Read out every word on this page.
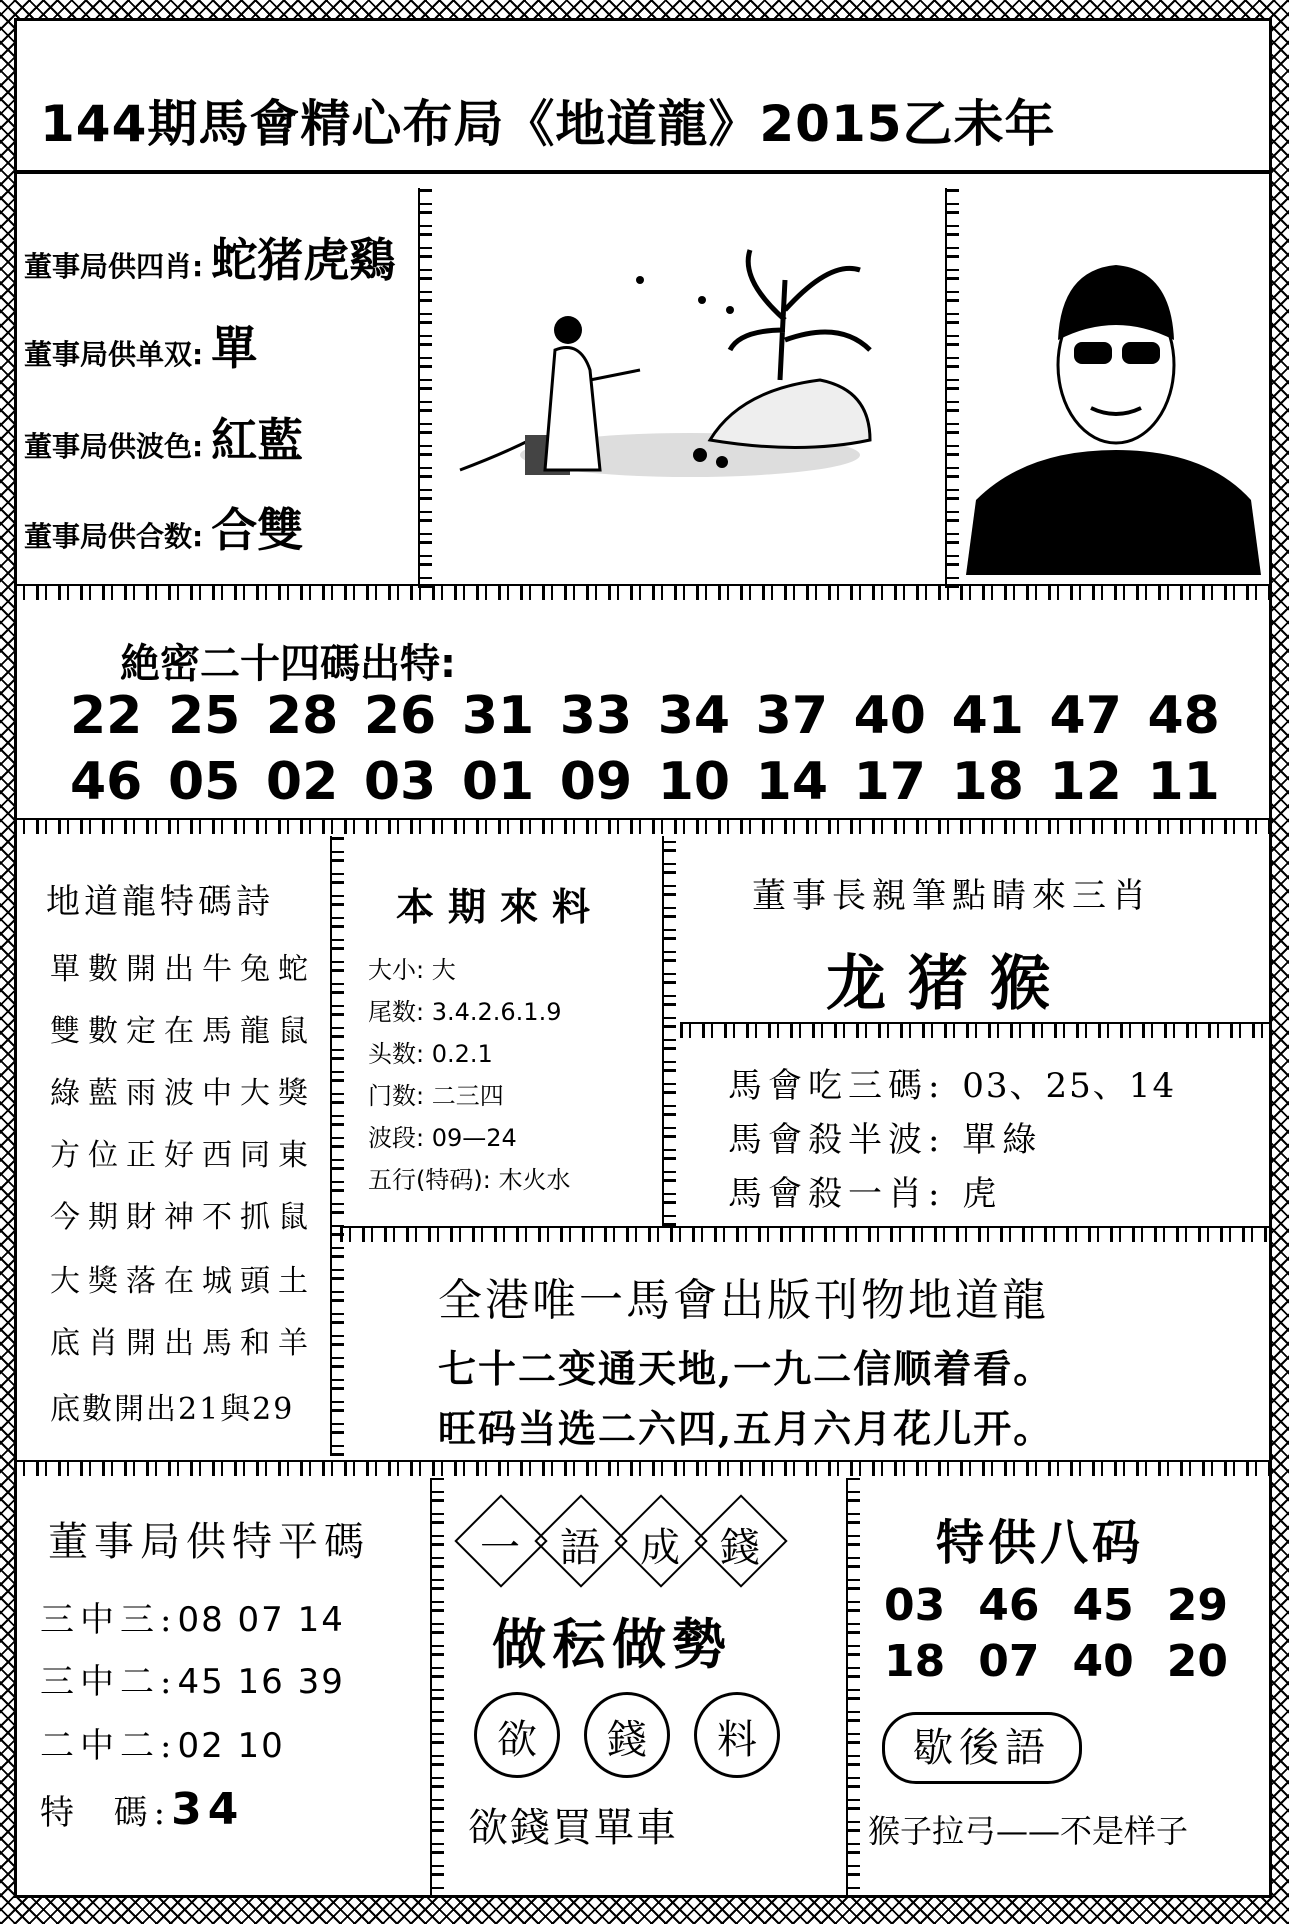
144期馬會精心布局《地道龍》2015乙未年
董事局供四肖: 蛇猪虎鷄
董事局供单双: 單
董事局供波色: 紅藍
董事局供合数: 合雙
絶密二十四碼出特:
22 25 28 26 31 33 34 37 40 41 47 48
46 05 02 03 01 09 10 14 17 18 12 11
地道龍特碼詩
單數開出牛兔蛇
雙數定在馬龍鼠
綠藍雨波中大獎
方位正好西同東
今期財神不抓鼠
大獎落在城頭土
底肖開出馬和羊
底數開出21與29
本期來料
大小: 大
尾数: 3.4.2.6.1.9
头数: 0.2.1
门数: 二三四
波段: 09—24
五行(特码): 木火水
董事長親筆點睛來三肖
龙猪猴
馬會吃三碼: 03、25、14
馬會殺半波: 單綠
馬會殺一肖: 虎
全港唯一馬會出版刊物地道龍
七十二变通天地,一九二信顺着看。
旺码当选二六四,五月六月花儿开。
董事局供特平碼
三中三:08 07 14
三中二:45 16 39
二中二:02 10
特  碼:34
一	語	成	錢
做秐做勢
欲	錢	料
欲錢買單車
特供八码
03 46 45 29
18 07 40 20
歇後語
猴子拉弓——不是样子
